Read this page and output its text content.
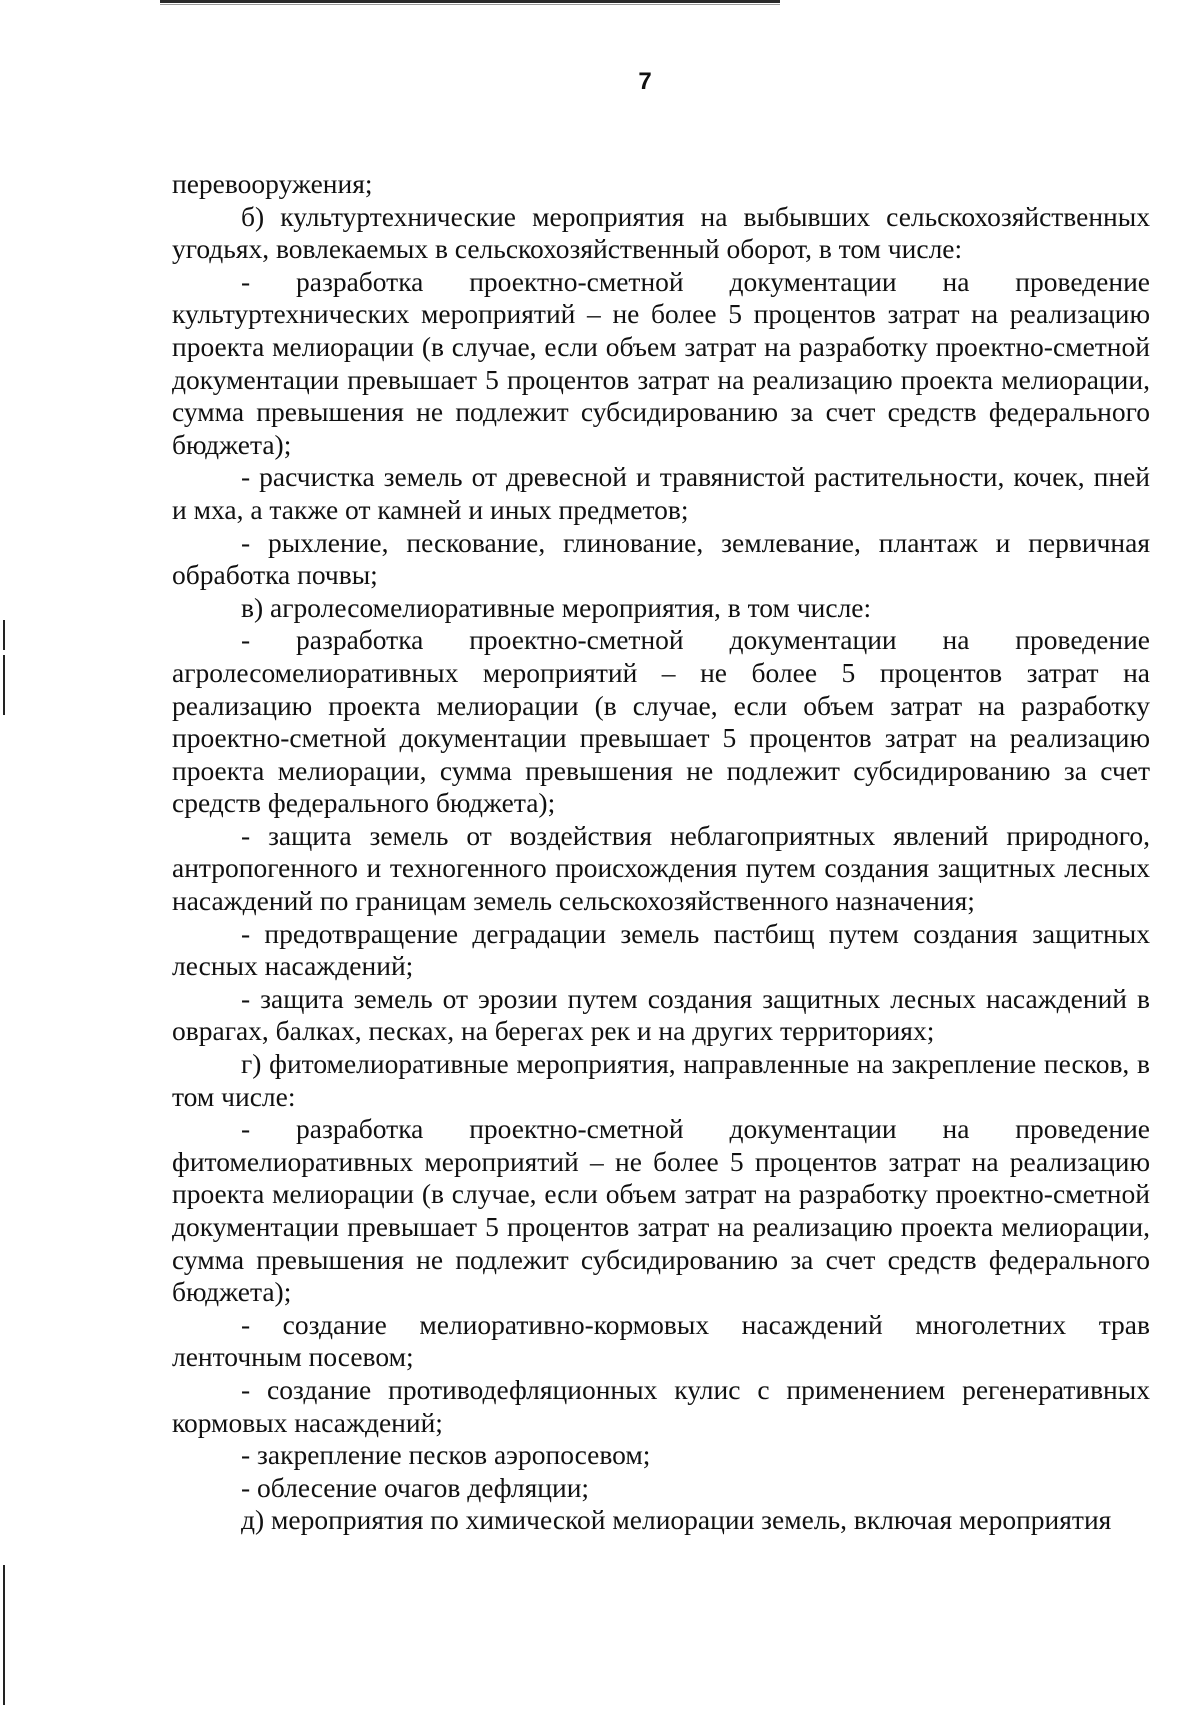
7

перевооружения;

б) культуртехнические мероприятия на выбывших сельскохозяйственных угодьях, вовлекаемых в сельскохозяйственный оборот, в том числе:

- разработка проектно-сметной документации на проведение культуртехнических мероприятий – не более 5 процентов затрат на реализацию проекта мелиорации (в случае, если объем затрат на разработку проектно-сметной документации превышает 5 процентов затрат на реализацию проекта мелиорации, сумма превышения не подлежит субсидированию за счет средств федерального бюджета);

- расчистка земель от древесной и травянистой растительности, кочек, пней и мха, а также от камней и иных предметов;

- рыхление, пескование, глинование, землевание, плантаж и первичная обработка почвы;

в) агролесомелиоративные мероприятия, в том числе:

- разработка проектно-сметной документации на проведение агролесомелиоративных мероприятий – не более 5 процентов затрат на реализацию проекта мелиорации (в случае, если объем затрат на разработку проектно-сметной документации превышает 5 процентов затрат на реализацию проекта мелиорации, сумма превышения не подлежит субсидированию за счет средств федерального бюджета);

- защита земель от воздействия неблагоприятных явлений природного, антропогенного и техногенного происхождения путем создания защитных лесных насаждений по границам земель сельскохозяйственного назначения;

- предотвращение деградации земель пастбищ путем создания защитных лесных насаждений;

- защита земель от эрозии путем создания защитных лесных насаждений в оврагах, балках, песках, на берегах рек и на других территориях;

г) фитомелиоративные мероприятия, направленные на закрепление песков, в том числе:

- разработка проектно-сметной документации на проведение фитомелиоративных мероприятий – не более 5 процентов затрат на реализацию проекта мелиорации (в случае, если объем затрат на разработку проектно-сметной документации превышает 5 процентов затрат на реализацию проекта мелиорации, сумма превышения не подлежит субсидированию за счет средств федерального бюджета);

- создание мелиоративно-кормовых насаждений многолетних трав ленточным посевом;

- создание противодефляционных кулис с применением регенеративных кормовых насаждений;

- закрепление песков аэропосевом;

- облесение очагов дефляции;

д) мероприятия по химической мелиорации земель, включая мероприятия
